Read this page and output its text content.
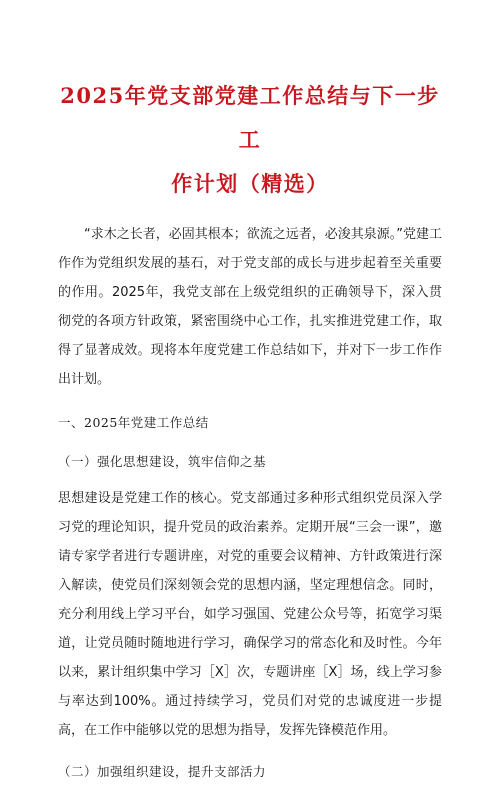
2025年党支部党建工作总结与下一步工
作计划（精选）

“求木之长者，必固其根本；欲流之远者，必浚其泉源。”党建工作作为党组织发展的基石，对于党支部的成长与进步起着至关重要的作用。2025年，我党支部在上级党组织的正确领导下，深入贯彻党的各项方针政策，紧密围绕中心工作，扎实推进党建工作，取得了显著成效。现将本年度党建工作总结如下，并对下一步工作作出计划。

一、2025年党建工作总结

（一）强化思想建设，筑牢信仰之基

思想建设是党建工作的核心。党支部通过多种形式组织党员深入学习党的理论知识，提升党员的政治素养。定期开展“三会一课”，邀请专家学者进行专题讲座，对党的重要会议精神、方针政策进行深入解读，使党员们深刻领会党的思想内涵，坚定理想信念。同时，充分利用线上学习平台，如学习强国、党建公众号等，拓宽学习渠道，让党员随时随地进行学习，确保学习的常态化和及时性。今年以来，累计组织集中学习［X］次，专题讲座［X］场，线上学习参与率达到100%。通过持续学习，党员们对党的忠诚度进一步提高，在工作中能够以党的思想为指导，发挥先锋模范作用。

（二）加强组织建设，提升支部活力
